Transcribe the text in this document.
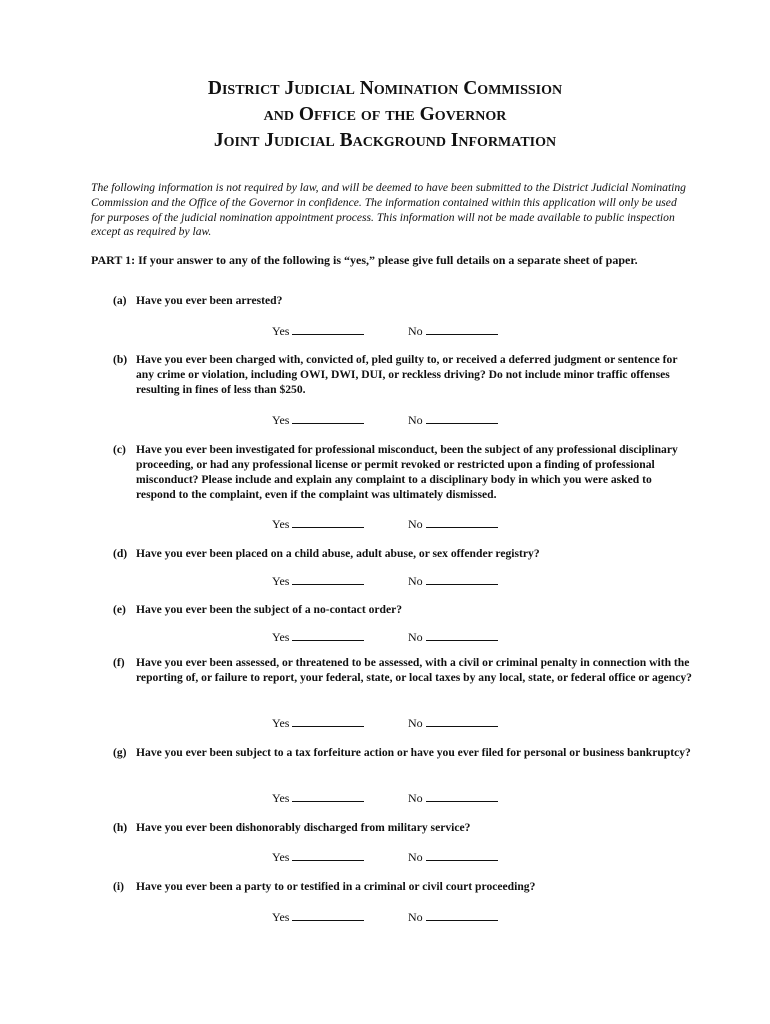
District Judicial Nomination Commission
and Office of the Governor
Joint Judicial Background Information
The following information is not required by law, and will be deemed to have been submitted to the District Judicial Nominating Commission and the Office of the Governor in confidence. The information contained within this application will only be used for purposes of the judicial nomination appointment process. This information will not be made available to public inspection except as required by law.
PART 1: If your answer to any of the following is “yes,” please give full details on a separate sheet of paper.
(a) Have you ever been arrested?
Yes	No
(b) Have you ever been charged with, convicted of, pled guilty to, or received a deferred judgment or sentence for any crime or violation, including OWI, DWI, DUI, or reckless driving? Do not include minor traffic offenses resulting in fines of less than $250.
Yes	No
(c) Have you ever been investigated for professional misconduct, been the subject of any professional disciplinary proceeding, or had any professional license or permit revoked or restricted upon a finding of professional misconduct? Please include and explain any complaint to a disciplinary body in which you were asked to respond to the complaint, even if the complaint was ultimately dismissed.
Yes	No
(d) Have you ever been placed on a child abuse, adult abuse, or sex offender registry?
Yes	No
(e) Have you ever been the subject of a no-contact order?
Yes	No
(f) Have you ever been assessed, or threatened to be assessed, with a civil or criminal penalty in connection with the reporting of, or failure to report, your federal, state, or local taxes by any local, state, or federal office or agency?
Yes	No
(g) Have you ever been subject to a tax forfeiture action or have you ever filed for personal or business bankruptcy?
Yes	No
(h) Have you ever been dishonorably discharged from military service?
Yes	No
(i)	Have you ever been a party to or testified in a criminal or civil court proceeding?
Yes	No
